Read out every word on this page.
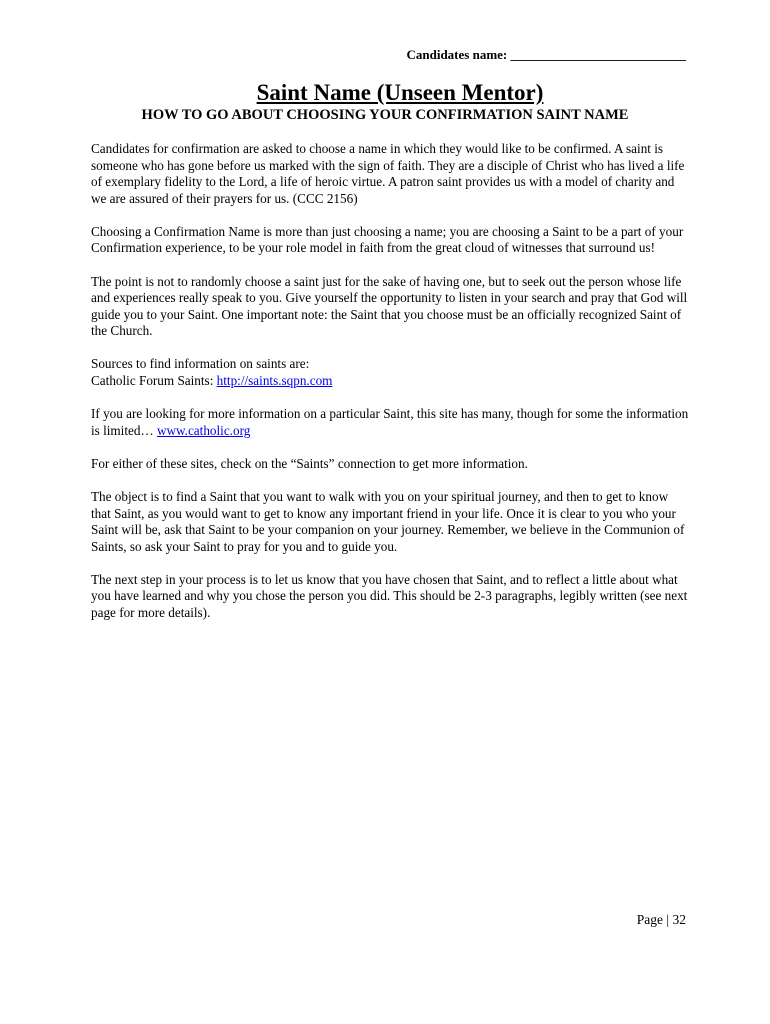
Candidates name: ___________________________
Saint Name (Unseen Mentor)
HOW TO GO ABOUT CHOOSING YOUR CONFIRMATION SAINT NAME

Candidates for confirmation are asked to choose a name in which they would like to be confirmed. A saint is someone who has gone before us marked with the sign of faith. They are a disciple of Christ who has lived a life of exemplary fidelity to the Lord, a life of heroic virtue. A patron saint provides us with a model of charity and we are assured of their prayers for us. (CCC 2156)

Choosing a Confirmation Name is more than just choosing a name; you are choosing a Saint to be a part of your Confirmation experience, to be your role model in faith from the great cloud of witnesses that surround us!

The point is not to randomly choose a saint just for the sake of having one, but to seek out the person whose life and experiences really speak to you. Give yourself the opportunity to listen in your search and pray that God will guide you to your Saint. One important note: the Saint that you choose must be an officially recognized Saint of the Church.

Sources to find information on saints are:
Catholic Forum Saints: http://saints.sqpn.com

If you are looking for more information on a particular Saint, this site has many, though for some the information is limited… www.catholic.org

For either of these sites, check on the “Saints” connection to get more information.

The object is to find a Saint that you want to walk with you on your spiritual journey, and then to get to know that Saint, as you would want to get to know any important friend in your life. Once it is clear to you who your Saint will be, ask that Saint to be your companion on your journey. Remember, we believe in the Communion of Saints, so ask your Saint to pray for you and to guide you.

The next step in your process is to let us know that you have chosen that Saint, and to reflect a little about what you have learned and why you chose the person you did. This should be 2-3 paragraphs, legibly written (see next page for more details).

Page | 32
